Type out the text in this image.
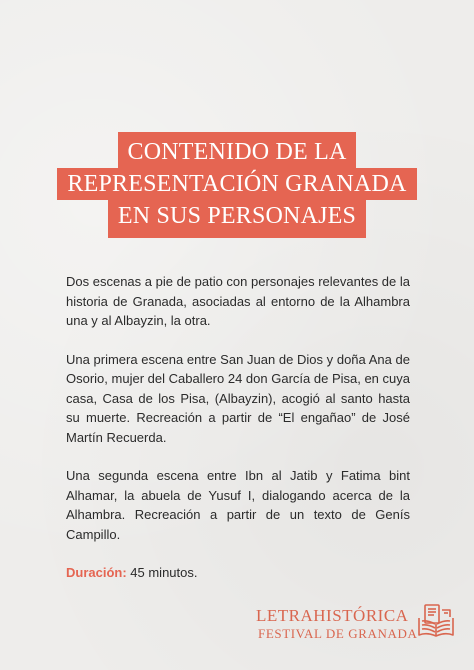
CONTENIDO DE LA
REPRESENTACIÓN GRANADA
EN SUS PERSONAJES

Dos escenas a pie de patio con personajes relevantes de la historia de Granada, asociadas al entorno de la Alhambra una y al Albayzin, la otra.

Una primera escena entre San Juan de Dios y doña Ana de Osorio, mujer del Caballero 24 don García de Pisa, en cuya casa, Casa de los Pisa, (Albayzin), acogió al santo hasta su muerte. Recreación a partir de “El engañao” de José Martín Recuerda.

Una segunda escena entre Ibn al Jatib y Fatima bint Alhamar, la abuela de Yusuf I, dialogando acerca de la Alhambra. Recreación a partir de un texto de Genís Campillo.

Duración: 45 minutos.

LETRAHISTÓRICA
FESTIVAL DE GRANADA
